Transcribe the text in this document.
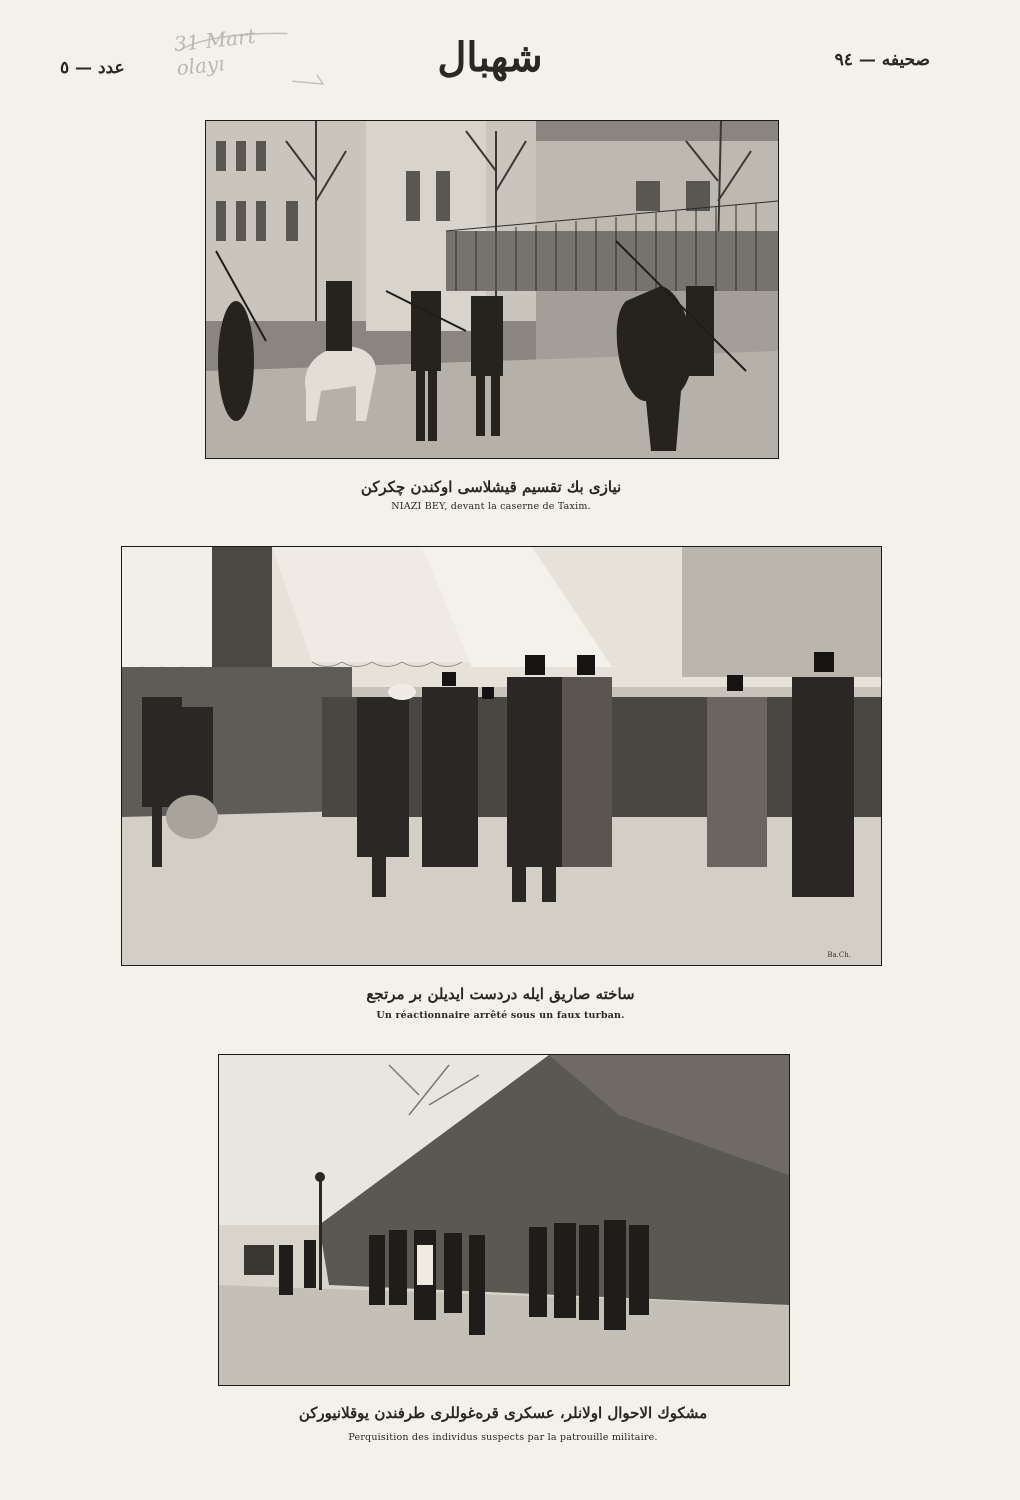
عدد — ٥	شهبال	صحیفه — ٩٤
نیازی بك تقسیم قیشلاسی اوکندن چکرکن
NIAZI BEY, devant la caserne de Taxim.
Ba.Ch.
ساخته صاریق ایله دردست ایدیلن بر مرتجع
Un réactionnaire arrêté sous un faux turban.
مشکوك الاحوال اولانلر، عسکری قره‌غوللری طرفندن یوقلانیورکن
Perquisition des individus suspects par la patrouille militaire.
31 Mart olayı
